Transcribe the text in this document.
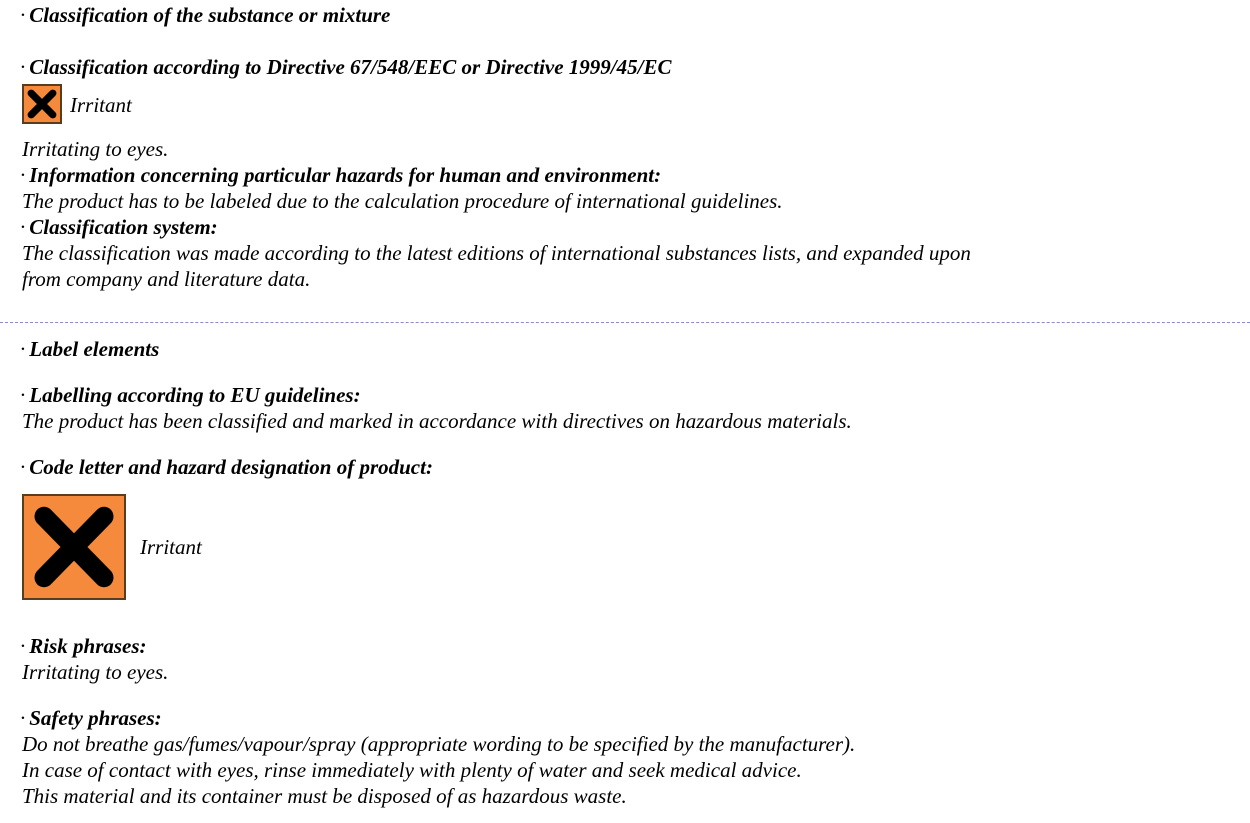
· Classification of the substance or mixture
· Classification according to Directive 67/548/EEC or Directive 1999/45/EC
Irritant
Irritating to eyes.
· Information concerning particular hazards for human and environment:
The product has to be labeled due to the calculation procedure of international guidelines.
· Classification system:
The classification was made according to the latest editions of international substances lists, and expanded upon
from company and literature data.
· Label elements
· Labelling according to EU guidelines:
The product has been classified and marked in accordance with directives on hazardous materials.
· Code letter and hazard designation of product:
Irritant
· Risk phrases:
Irritating to eyes.
· Safety phrases:
Do not breathe gas/fumes/vapour/spray (appropriate wording to be specified by the manufacturer).
In case of contact with eyes, rinse immediately with plenty of water and seek medical advice.
This material and its container must be disposed of as hazardous waste.
